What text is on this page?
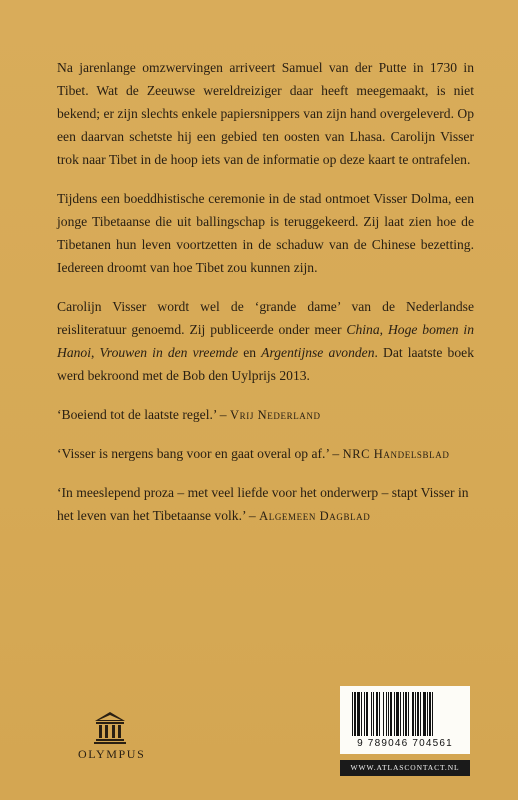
Na jarenlange omzwervingen arriveert Samuel van der Putte in 1730 in Tibet. Wat de Zeeuwse wereldreiziger daar heeft meegemaakt, is niet bekend; er zijn slechts enkele papiersnippers van zijn hand overgeleverd. Op een daarvan schetste hij een gebied ten oosten van Lhasa. Carolijn Visser trok naar Tibet in de hoop iets van de informatie op deze kaart te ontrafelen.

Tijdens een boeddhistische ceremonie in de stad ontmoet Visser Dolma, een jonge Tibetaanse die uit ballingschap is teruggekeerd. Zij laat zien hoe de Tibetanen hun leven voortzetten in de schaduw van de Chinese bezetting. Iedereen droomt van hoe Tibet zou kunnen zijn.

Carolijn Visser wordt wel de ‘grande dame’ van de Nederlandse reisliteratuur genoemd. Zij publiceerde onder meer China, Hoge bomen in Hanoi, Vrouwen in den vreemde en Argentijnse avonden. Dat laatste boek werd bekroond met de Bob den Uylprijs 2013.

‘Boeiend tot de laatste regel.’ – Vrij Nederland

‘Visser is nergens bang voor en gaat overal op af.’ – NRC Handelsblad

‘In meeslepend proza – met veel liefde voor het onderwerp – stapt Visser in het leven van het Tibetaanse volk.’ – Algemeen Dagblad

OLYMPUS
9 789046 704561
WWW.ATLASCONTACT.NL
